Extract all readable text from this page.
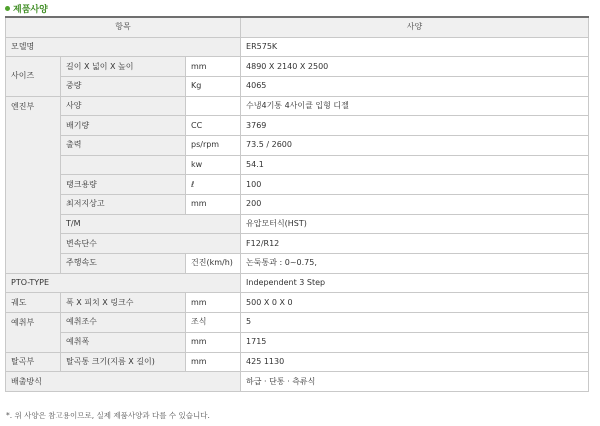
제품사양
항목			사양
모델명			ER575K
사이즈	길이 X 넓이 X 높이	mm	4890 X 2140 X 2500
	중량	Kg	4065
엔진부	사양		수냉4기통 4사이클 입형 디젤
	배기량	CC	3769
	출력	ps/rpm	73.5 / 2600
		kw	54.1
	탱크용량	ℓ	100
	최저지상고	mm	200
	T/M		유압모터식(HST)
	변속단수		F12/R12
	주행속도	건진(km/h)	논둑통과 : 0~0.75,
PTO-TYPE			Independent 3 Step
궤도	폭 X 피치 X 링크수	mm	500 X 0 X 0
예취부	예취조수	조식	5
	예취폭	mm	1715
탈곡부	탈곡통 크기(지름 X 길이)	mm	425 1130
배출방식			하급 · 단통 · 측류식
*. 위 사양은 참고용이므로, 실제 제품사양과 다를 수 있습니다.
